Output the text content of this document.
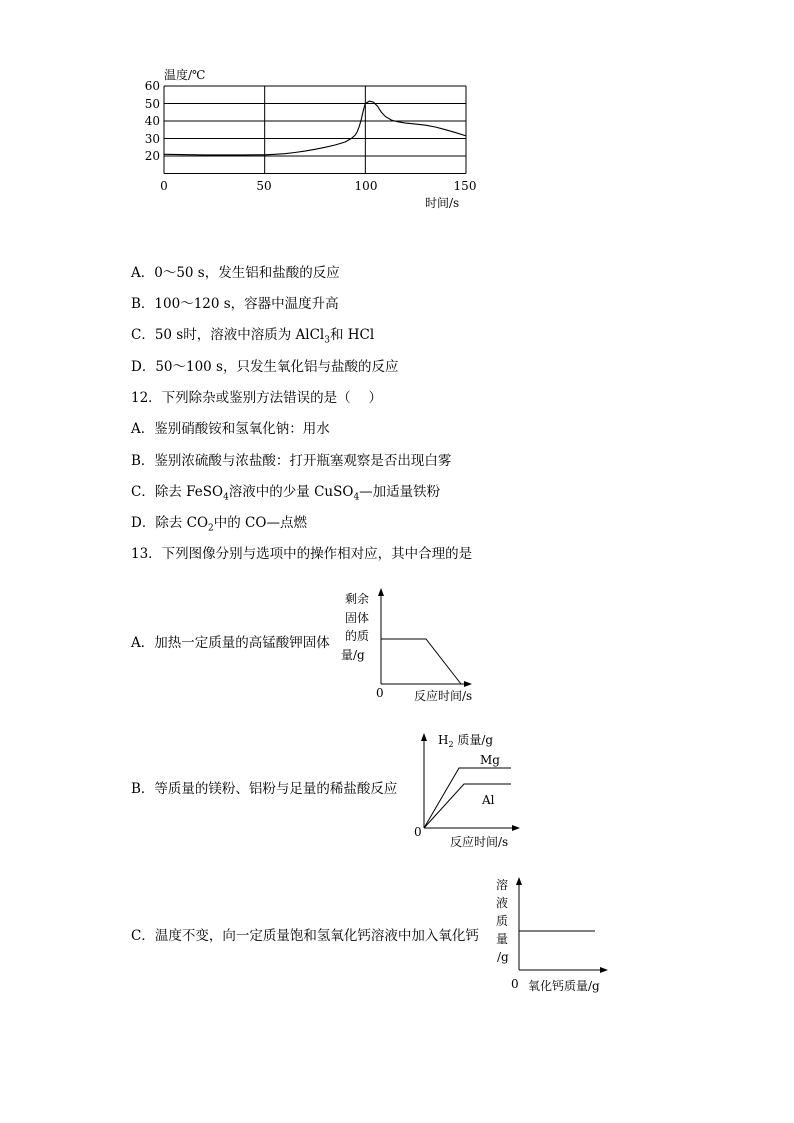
温度/℃
60
50
40
30
20
0	50	100	150
时间/s
A．0～50 s，发生铝和盐酸的反应
B．100～120 s，容器中温度升高
C．50 s时，溶液中溶质为 AlCl$_3$和 HCl
D．50～100 s，只发生氧化铝与盐酸的反应
12．下列除杂或鉴别方法错误的是（　 ）
A．鉴别硝酸铵和氢氧化钠：用水
B．鉴别浓硫酸与浓盐酸：打开瓶塞观察是否出现白雾
C．除去 FeSO$_4$溶液中的少量 CuSO$_4$—加适量铁粉
D．除去 $CO_2$中的 CO—点燃
13．下列图像分别与选项中的操作相对应，其中合理的是
A．加热一定质量的高锰酸钾固体
剩余
固体
的质
量/g
0	反应时间/s
B．等质量的镁粉、铝粉与足量的稀盐酸反应
$H_2$ 质量/g
Mg
Al
0
反应时间/s
C．温度不变，向一定质量饱和氢氧化钙溶液中加入氧化钙
溶
液
质
量
/g
0 氧化钙质量/g
